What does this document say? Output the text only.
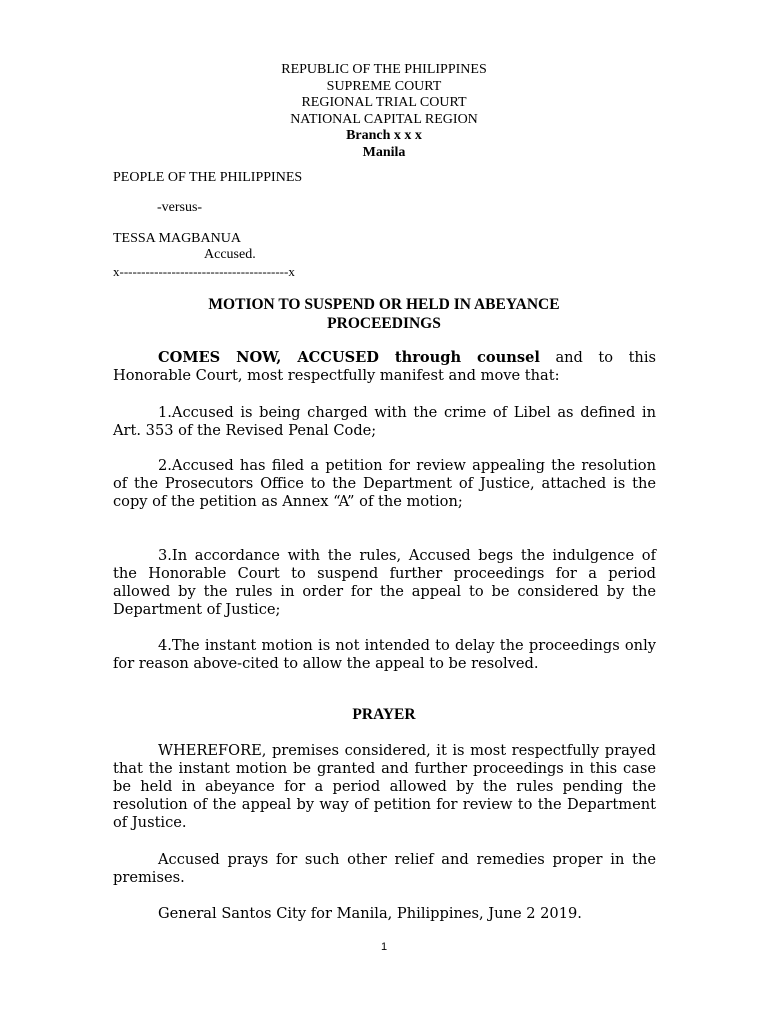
REPUBLIC OF THE PHILIPPINES
SUPREME COURT
REGIONAL TRIAL COURT
NATIONAL CAPITAL REGION
Branch x x x
Manila
PEOPLE OF THE PHILIPPINES
-versus-
TESSA MAGBANUA
Accused.
x---------------------------------------x
MOTION TO SUSPEND OR HELD IN ABEYANCE
PROCEEDINGS
COMES NOW, ACCUSED through counsel and to this Honorable Court, most respectfully manifest and move that:
1.Accused is being charged with the crime of Libel as defined in Art. 353 of the Revised Penal Code;
2.Accused has filed a petition for review appealing the resolution of the Prosecutors Office to the Department of Justice, attached is the copy of the petition as Annex “A” of the motion;
3.In accordance with the rules, Accused begs the indulgence of the Honorable Court to suspend further proceedings for a period allowed by the rules in order for the appeal to be considered by the Department of Justice;
4.The instant motion is not intended to delay the proceedings only for reason above-cited to allow the appeal to be resolved.
PRAYER
WHEREFORE, premises considered, it is most respectfully prayed that the instant motion be granted and further proceedings in this case be held in abeyance for a period allowed by the rules pending the resolution of the appeal by way of petition for review to the Department of Justice.
Accused prays for such other relief and remedies proper in the premises.
General Santos City for Manila, Philippines, June 2 2019.
1
